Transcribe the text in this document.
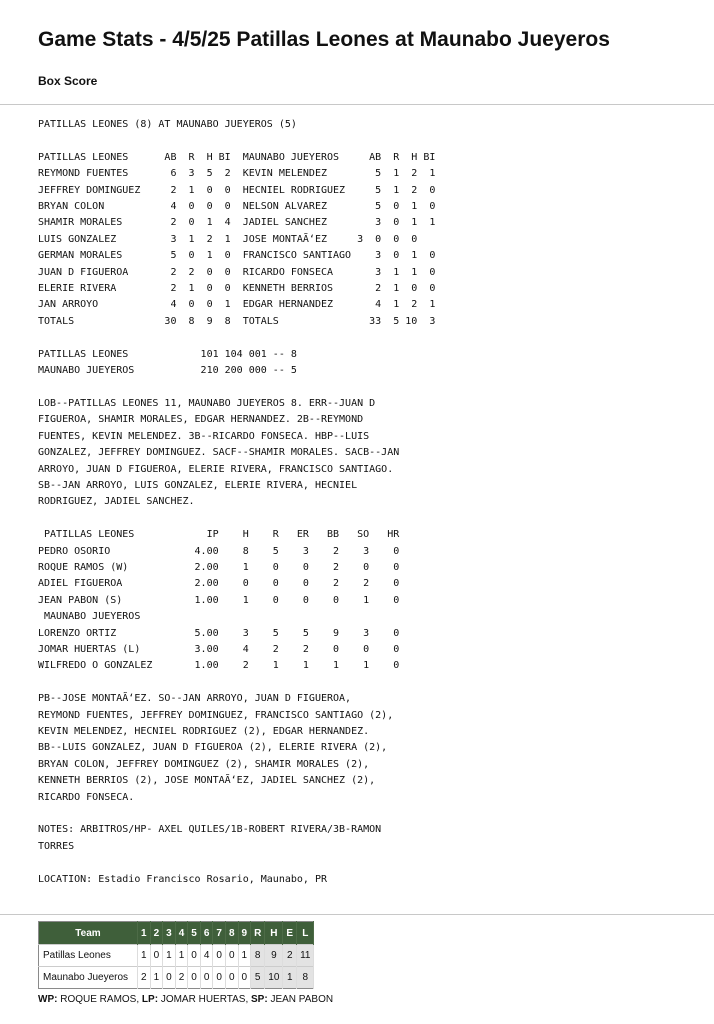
Game Stats - 4/5/25 Patillas Leones at Maunabo Jueyeros
Box Score
PATILLAS LEONES (8) AT MAUNABO JUEYEROS (5)

PATILLAS LEONES      AB  R  H BI  MAUNABO JUEYEROS     AB  R  H BI
REYMOND FUENTES       6  3  5  2  KEVIN MELENDEZ        5  1  2  1
JEFFREY DOMINGUEZ     2  1  0  0  HECNIEL RODRIGUEZ     5  1  2  0
BRYAN COLON           4  0  0  0  NELSON ALVAREZ        5  0  1  0
SHAMIR MORALES        2  0  1  4  JADIEL SANCHEZ        3  0  1  1
LUIS GONZALEZ         3  1  2  1  JOSE MONTAÃ‘EZ     3  0  0  0
GERMAN MORALES        5  0  1  0  FRANCISCO SANTIAGO    3  0  1  0
JUAN D FIGUEROA       2  2  0  0  RICARDO FONSECA       3  1  1  0
ELERIE RIVERA         2  1  0  0  KENNETH BERRIOS       2  1  0  0
JAN ARROYO            4  0  0  1  EDGAR HERNANDEZ       4  1  2  1
TOTALS               30  8  9  8  TOTALS               33  5 10  3

PATILLAS LEONES            101 104 001 -- 8
MAUNABO JUEYEROS           210 200 000 -- 5

LOB--PATILLAS LEONES 11, MAUNABO JUEYEROS 8. ERR--JUAN D
FIGUEROA, SHAMIR MORALES, EDGAR HERNANDEZ. 2B--REYMOND
FUENTES, KEVIN MELENDEZ. 3B--RICARDO FONSECA. HBP--LUIS
GONZALEZ, JEFFREY DOMINGUEZ. SACF--SHAMIR MORALES. SACB--JAN
ARROYO, JUAN D FIGUEROA, ELERIE RIVERA, FRANCISCO SANTIAGO.
SB--JAN ARROYO, LUIS GONZALEZ, ELERIE RIVERA, HECNIEL
RODRIGUEZ, JADIEL SANCHEZ.

PATILLAS LEONES            IP    H    R   ER   BB   SO   HR
PEDRO OSORIO              4.00    8    5    3    2    3    0
ROQUE RAMOS (W)           2.00    1    0    0    2    0    0
ADIEL FIGUEROA            2.00    0    0    0    2    2    0
JEAN PABON (S)            1.00    1    0    0    0    1    0
MAUNABO JUEYEROS
LORENZO ORTIZ             5.00    3    5    5    9    3    0
JOMAR HUERTAS (L)         3.00    4    2    2    0    0    0
WILFREDO O GONZALEZ       1.00    2    1    1    1    1    0

PB--JOSE MONTAÃ‘EZ. SO--JAN ARROYO, JUAN D FIGUEROA,
REYMOND FUENTES, JEFFREY DOMINGUEZ, FRANCISCO SANTIAGO (2),
KEVIN MELENDEZ, HECNIEL RODRIGUEZ (2), EDGAR HERNANDEZ.
BB--LUIS GONZALEZ, JUAN D FIGUEROA (2), ELERIE RIVERA (2),
BRYAN COLON, JEFFREY DOMINGUEZ (2), SHAMIR MORALES (2),
KENNETH BERRIOS (2), JOSE MONTAÃ‘EZ, JADIEL SANCHEZ (2),
RICARDO FONSECA.

NOTES: ARBITROS/HP- AXEL QUILES/1B-ROBERT RIVERA/3B-RAMON
TORRES

LOCATION: Estadio Francisco Rosario, Maunabo, PR
Team	1	2	3	4	5	6	7	8	9	R	H	E	L
Patillas Leones	1	0	1	1	0	4	0	0	1	8	9	2	11
Maunabo Jueyeros	2	1	0	2	0	0	0	0	0	5	10	1	8
WP: ROQUE RAMOS, LP: JOMAR HUERTAS, SP: JEAN PABON
